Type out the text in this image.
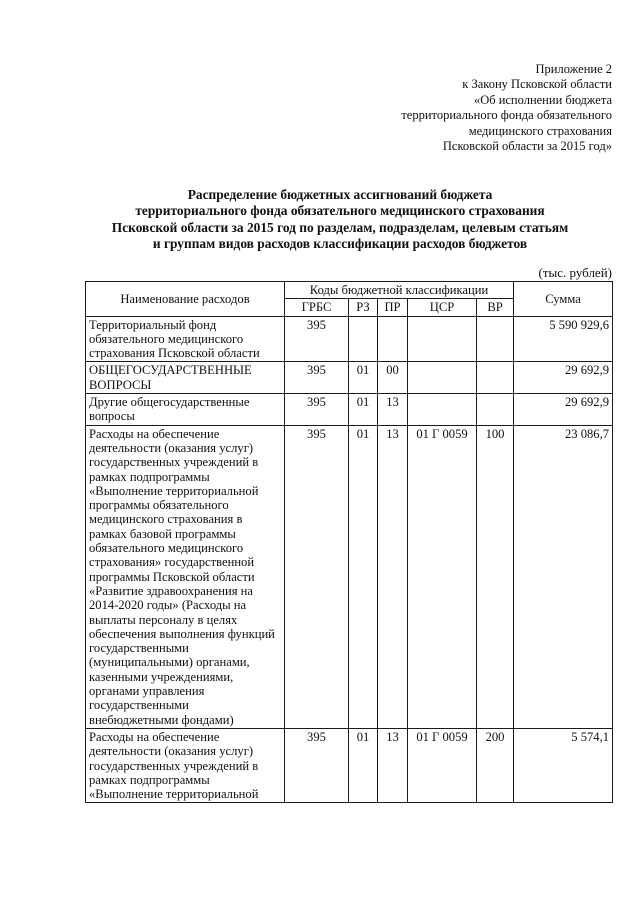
Приложение 2
к Закону Псковской области
«Об исполнении бюджета
территориального фонда обязательного
медицинского страхования
Псковской области за 2015 год»
Распределение бюджетных ассигнований бюджета
территориального фонда обязательного медицинского страхования
Псковской области за 2015 год по разделам, подразделам, целевым статьям
и группам видов расходов классификации расходов бюджетов
(тыс. рублей)
Наименование расходов	Коды бюджетной классификации					Сумма
	ГРБС	РЗ	ПР	ЦСР	ВР	
Территориальный фонд обязательного медицинского страхования Псковской области	395					5 590 929,6
ОБЩЕГОСУДАРСТВЕННЫЕ ВОПРОСЫ	395	01	00			29 692,9
Другие общегосударственные вопросы	395	01	13			29 692,9
Расходы на обеспечение деятельности (оказания услуг) государственных учреждений в рамках подпрограммы «Выполнение территориальной программы обязательного медицинского страхования в рамках базовой программы обязательного медицинского страхования» государственной программы Псковской области «Развитие здравоохранения на 2014-2020 годы» (Расходы на выплаты персоналу в целях обеспечения выполнения функций государственными (муниципальными) органами, казенными учреждениями, органами управления государственными внебюджетными фондами)	395	01	13	01 Г 0059	100	23 086,7
Расходы на обеспечение деятельности (оказания услуг) государственных учреждений в рамках подпрограммы «Выполнение территориальной	395	01	13	01 Г 0059	200	5 574,1
